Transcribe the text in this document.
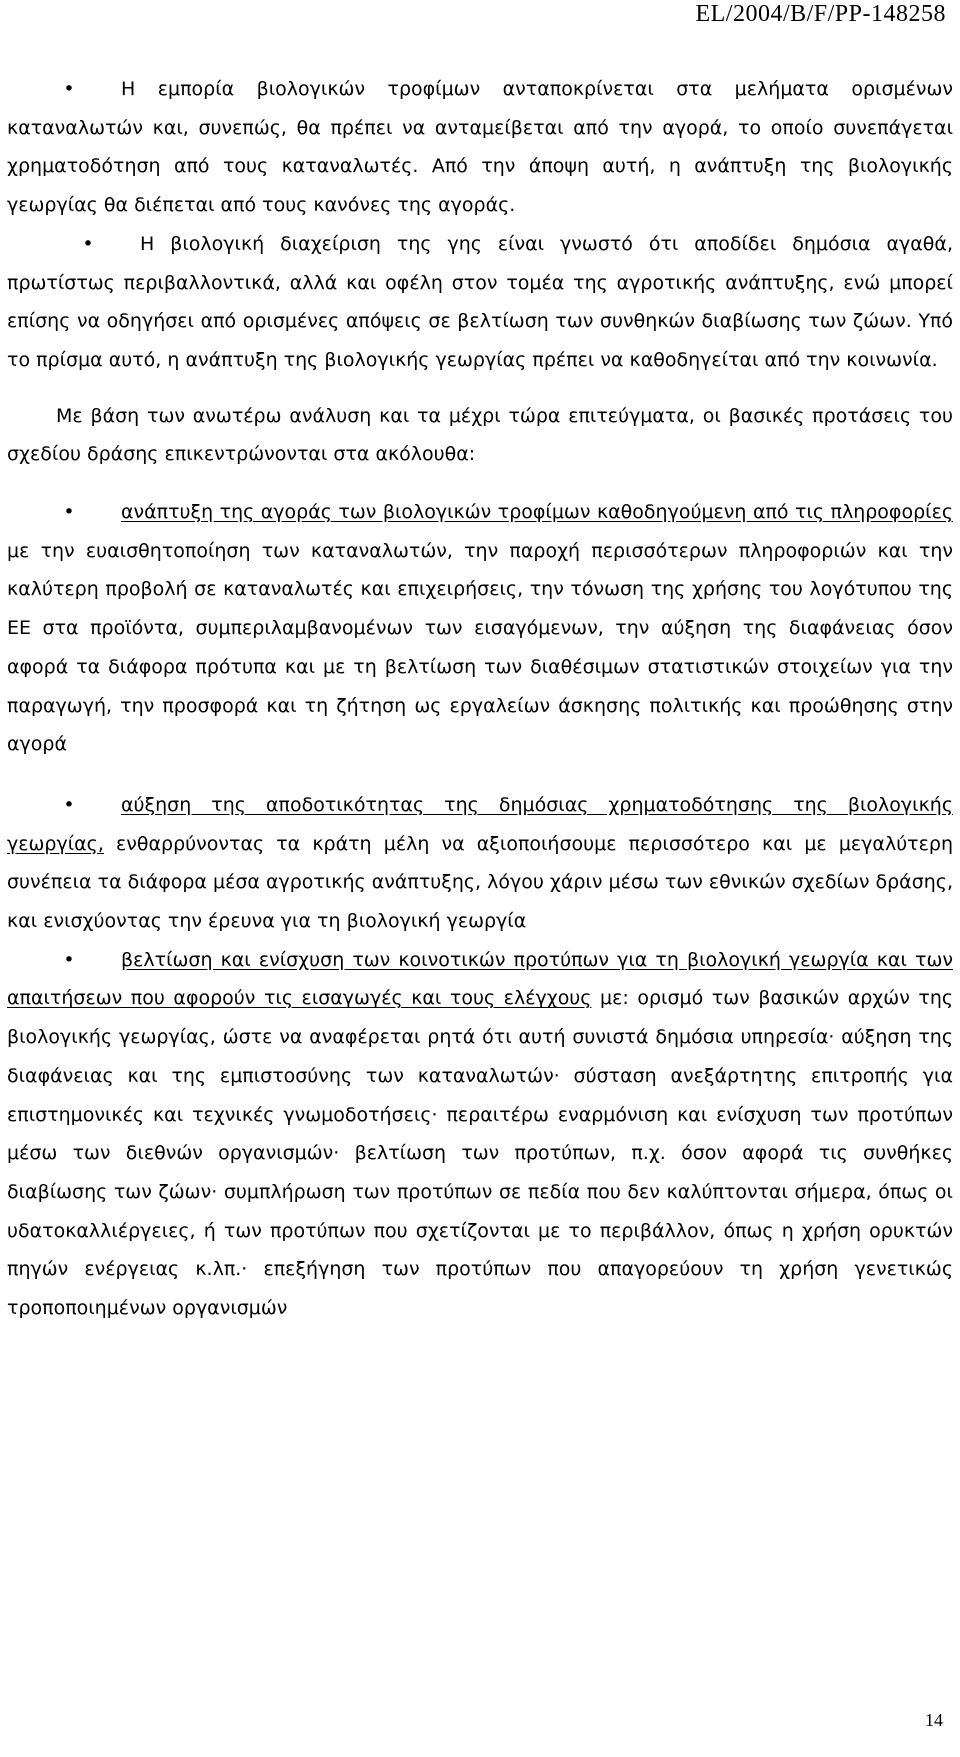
EL/2004/B/F/PP-148258

• Η εμπορία βιολογικών τροφίμων ανταποκρίνεται στα μελήματα ορισμένων καταναλωτών και, συνεπώς, θα πρέπει να ανταμείβεται από την αγορά, το οποίο συνεπάγεται χρηματοδότηση από τους καταναλωτές. Από την άποψη αυτή, η ανάπτυξη της βιολογικής γεωργίας θα διέπεται από τους κανόνες της αγοράς.

• Η βιολογική διαχείριση της γης είναι γνωστό ότι αποδίδει δημόσια αγαθά, πρωτίστως περιβαλλοντικά, αλλά και οφέλη στον τομέα της αγροτικής ανάπτυξης, ενώ μπορεί επίσης να οδηγήσει από ορισμένες απόψεις σε βελτίωση των συνθηκών διαβίωσης των ζώων. Υπό το πρίσμα αυτό, η ανάπτυξη της βιολογικής γεωργίας πρέπει να καθοδηγείται από την κοινωνία.

Με βάση των ανωτέρω ανάλυση και τα μέχρι τώρα επιτεύγματα, οι βασικές προτάσεις του σχεδίου δράσης επικεντρώνονται στα ακόλουθα:

• ανάπτυξη της αγοράς των βιολογικών τροφίμων καθοδηγούμενη από τις πληροφορίες με την ευαισθητοποίηση των καταναλωτών, την παροχή περισσότερων πληροφοριών και την καλύτερη προβολή σε καταναλωτές και επιχειρήσεις, την τόνωση της χρήσης του λογότυπου της ΕΕ στα προϊόντα, συμπεριλαμβανομένων των εισαγόμενων, την αύξηση της διαφάνειας όσον αφορά τα διάφορα πρότυπα και με τη βελτίωση των διαθέσιμων στατιστικών στοιχείων για την παραγωγή, την προσφορά και τη ζήτηση ως εργαλείων άσκησης πολιτικής και προώθησης στην αγορά

• αύξηση της αποδοτικότητας της δημόσιας χρηματοδότησης της βιολογικής γεωργίας, ενθαρρύνοντας τα κράτη μέλη να αξιοποιήσουμε περισσότερο και με μεγαλύτερη συνέπεια τα διάφορα μέσα αγροτικής ανάπτυξης, λόγου χάριν μέσω των εθνικών σχεδίων δράσης, και ενισχύοντας την έρευνα για τη βιολογική γεωργία

• βελτίωση και ενίσχυση των κοινοτικών προτύπων για τη βιολογική γεωργία και των απαιτήσεων που αφορούν τις εισαγωγές και τους ελέγχους με: ορισμό των βασικών αρχών της βιολογικής γεωργίας, ώστε να αναφέρεται ρητά ότι αυτή συνιστά δημόσια υπηρεσία· αύξηση της διαφάνειας και της εμπιστοσύνης των καταναλωτών· σύσταση ανεξάρτητης επιτροπής για επιστημονικές και τεχνικές γνωμοδοτήσεις· περαιτέρω εναρμόνιση και ενίσχυση των προτύπων μέσω των διεθνών οργανισμών· βελτίωση των προτύπων, π.χ. όσον αφορά τις συνθήκες διαβίωσης των ζώων· συμπλήρωση των προτύπων σε πεδία που δεν καλύπτονται σήμερα, όπως οι υδατοκαλλιέργειες, ή των προτύπων που σχετίζονται με το περιβάλλον, όπως η χρήση ορυκτών πηγών ενέργειας κ.λπ.· επεξήγηση των προτύπων που απαγορεύουν τη χρήση γενετικώς τροποποιημένων οργανισμών

14
